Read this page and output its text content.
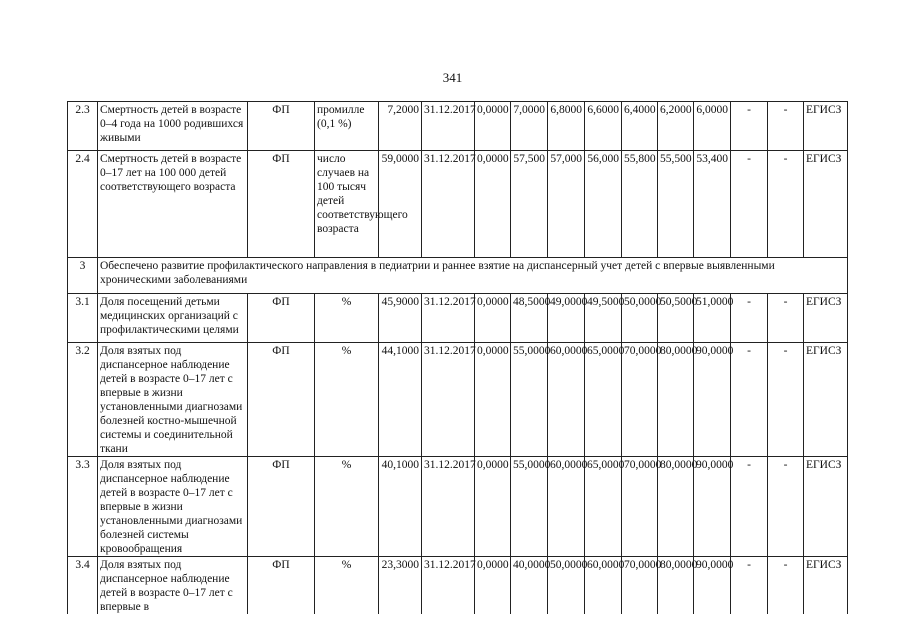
341
2.3	Смертность детей в возрасте 0–4 года на 1000 родившихся живыми	ФП	промилле (0,1 %)	7,2000	31.12.2017	0,0000	7,0000	6,8000	6,6000	6,4000	6,2000	6,0000	-	-	ЕГИСЗ
2.4	Смертность детей в возрасте 0–17 лет на 100 000 детей соответствующего возраста	ФП	число случаев на 100 тысяч детей соответствующего возраста	59,0000	31.12.2017	0,0000	57,500	57,000	56,000	55,800	55,500	53,400	-	-	ЕГИСЗ
3	Обеспечено развитие профилактического направления в педиатрии и раннее взятие на диспансерный учет детей с впервые выявленными хроническими заболеваниями														
3.1	Доля посещений детьми медицинских организаций с профилактическими целями	ФП	%	45,9000	31.12.2017	0,0000	48,5000	49,0000	49,5000	50,0000	50,5000	51,0000	-	-	ЕГИСЗ
3.2	Доля взятых под диспансерное наблюдение детей в возрасте 0–17 лет с впервые в жизни установленными диагнозами болезней костно-мышечной системы и соединительной ткани	ФП	%	44,1000	31.12.2017	0,0000	55,0000	60,0000	65,0000	70,0000	80,0000	90,0000	-	-	ЕГИСЗ
3.3	Доля взятых под диспансерное наблюдение детей в возрасте 0–17 лет с впервые в жизни установленными диагнозами болезней системы кровообращения	ФП	%	40,1000	31.12.2017	0,0000	55,0000	60,0000	65,0000	70,0000	80,0000	90,0000	-	-	ЕГИСЗ
3.4	Доля взятых под диспансерное наблюдение детей в возрасте 0–17 лет с впервые в	ФП	%	23,3000	31.12.2017	0,0000	40,0000	50,0000	60,0000	70,0000	80,0000	90,0000	-	-	ЕГИСЗ
